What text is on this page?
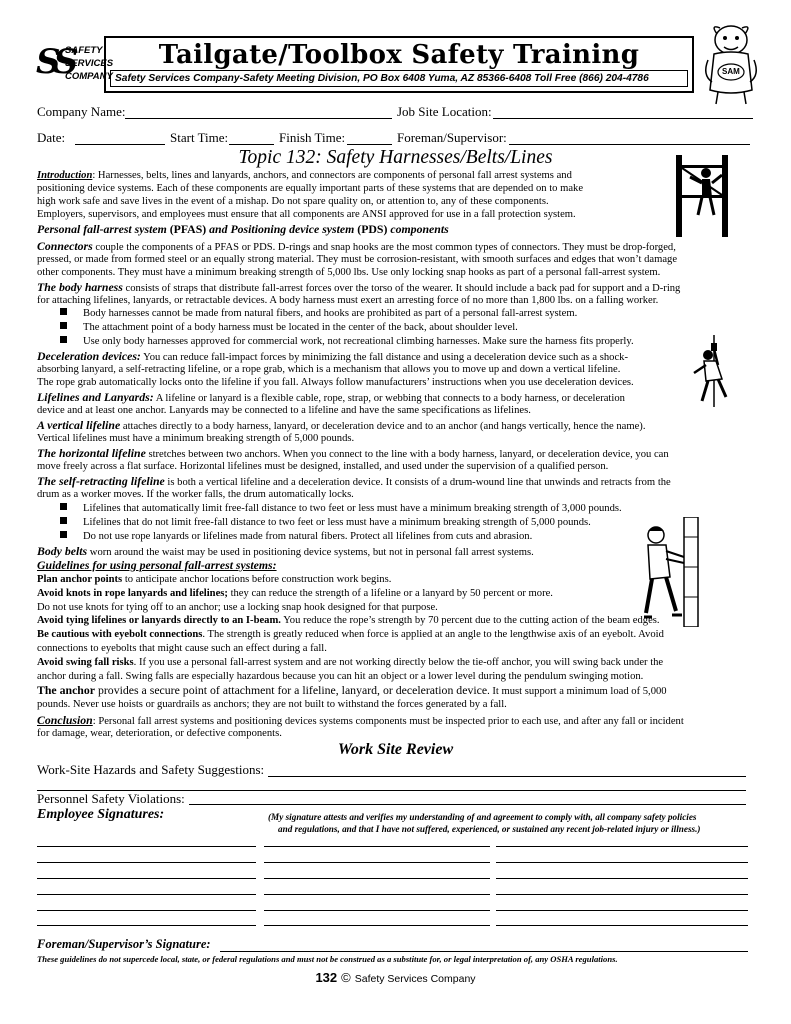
SS
SAFETY
SERVICES
COMPANY
Tailgate/Toolbox Safety Training
Safety Services Company-Safety Meeting Division, PO Box 6408 Yuma, AZ 85366-6408 Toll Free (866) 204-4786
SAM
Company Name:	Job Site Location:
Date:	Start Time:	Finish Time:	Foreman/Supervisor:
Topic 132: Safety Harnesses/Belts/Lines
Introduction: Harnesses, belts, lines and lanyards, anchors, and connectors are components of personal fall arrest systems and
positioning device systems. Each of these components are equally important parts of these systems that are depended on to make
high work safe and save lives in the event of a mishap. Do not spare quality on, or attention to, any of these components.
Employers, supervisors, and employees must ensure that all components are ANSI approved for use in a fall protection system.
Personal fall-arrest system (PFAS) and Positioning device system (PDS) components
Connectors couple the components of a PFAS or PDS. D-rings and snap hooks are the most common types of connectors. They must be drop-forged,
pressed, or made from formed steel or an equally strong material. They must be corrosion-resistant, with smooth surfaces and edges that won’t damage
other components. They must have a minimum breaking strength of 5,000 lbs. Use only locking snap hooks as part of a personal fall-arrest system.
The body harness consists of straps that distribute fall-arrest forces over the torso of the wearer. It should include a back pad for support and a D-ring
for attaching lifelines, lanyards, or retractable devices. A body harness must exert an arresting force of no more than 1,800 lbs. on a falling worker.
Body harnesses cannot be made from natural fibers, and hooks are prohibited as part of a personal fall-arrest system.
The attachment point of a body harness must be located in the center of the back, about shoulder level.
Use only body harnesses approved for commercial work, not recreational climbing harnesses. Make sure the harness fits properly.
Deceleration devices: You can reduce fall-impact forces by minimizing the fall distance and using a deceleration device such as a shock-
absorbing lanyard, a self-retracting lifeline, or a rope grab, which is a mechanism that allows you to move up and down a vertical lifeline.
The rope grab automatically locks onto the lifeline if you fall. Always follow manufacturers’ instructions when you use deceleration devices.
Lifelines and Lanyards: A lifeline or lanyard is a flexible cable, rope, strap, or webbing that connects to a body harness, or deceleration
device and at least one anchor. Lanyards may be connected to a lifeline and have the same specifications as lifelines.
A vertical lifeline attaches directly to a body harness, lanyard, or deceleration device and to an anchor (and hangs vertically, hence the name).
Vertical lifelines must have a minimum breaking strength of 5,000 pounds.
The horizontal lifeline stretches between two anchors. When you connect to the line with a body harness, lanyard, or deceleration device, you can
move freely across a flat surface. Horizontal lifelines must be designed, installed, and used under the supervision of a qualified person.
The self-retracting lifeline is both a vertical lifeline and a deceleration device. It consists of a drum-wound line that unwinds and retracts from the
drum as a worker moves. If the worker falls, the drum automatically locks.
Lifelines that automatically limit free-fall distance to two feet or less must have a minimum breaking strength of 3,000 pounds.
Lifelines that do not limit free-fall distance to two feet or less must have a minimum breaking strength of 5,000 pounds.
Do not use rope lanyards or lifelines made from natural fibers. Protect all lifelines from cuts and abrasion.
Body belts worn around the waist may be used in positioning device systems, but not in personal fall arrest systems.
Guidelines for using personal fall-arrest systems:
Plan anchor points to anticipate anchor locations before construction work begins.
Avoid knots in rope lanyards and lifelines; they can reduce the strength of a lifeline or a lanyard by 50 percent or more.
Do not use knots for tying off to an anchor; use a locking snap hook designed for that purpose.
Avoid tying lifelines or lanyards directly to an I-beam. You reduce the rope’s strength by 70 percent due to the cutting action of the beam edges.
Be cautious with eyebolt connections. The strength is greatly reduced when force is applied at an angle to the lengthwise axis of an eyebolt. Avoid
connections to eyebolts that might cause such an effect during a fall.
Avoid swing fall risks. If you use a personal fall-arrest system and are not working directly below the tie-off anchor, you will swing back under the
anchor during a fall. Swing falls are especially hazardous because you can hit an object or a lower level during the pendulum swinging motion.
The anchor provides a secure point of attachment for a lifeline, lanyard, or deceleration device. It must support a minimum load of 5,000
pounds. Never use hoists or guardrails as anchors; they are not built to withstand the forces generated by a fall.
Conclusion: Personal fall arrest systems and positioning devices systems components must be inspected prior to each use, and after any fall or incident
for damage, wear, deterioration, or defective components.
Work Site Review
Work-Site Hazards and Safety Suggestions:
Personnel Safety Violations:
Employee Signatures:	(My signature attests and verifies my understanding of and agreement to comply with, all company safety policies
and regulations, and that I have not suffered, experienced, or sustained any recent job-related injury or illness.)
Foreman/Supervisor’s Signature:
These guidelines do not supercede local, state, or federal regulations and must not be construed as a substitute for, or legal interpretation of, any OSHA regulations.
132 © Safety Services Company
